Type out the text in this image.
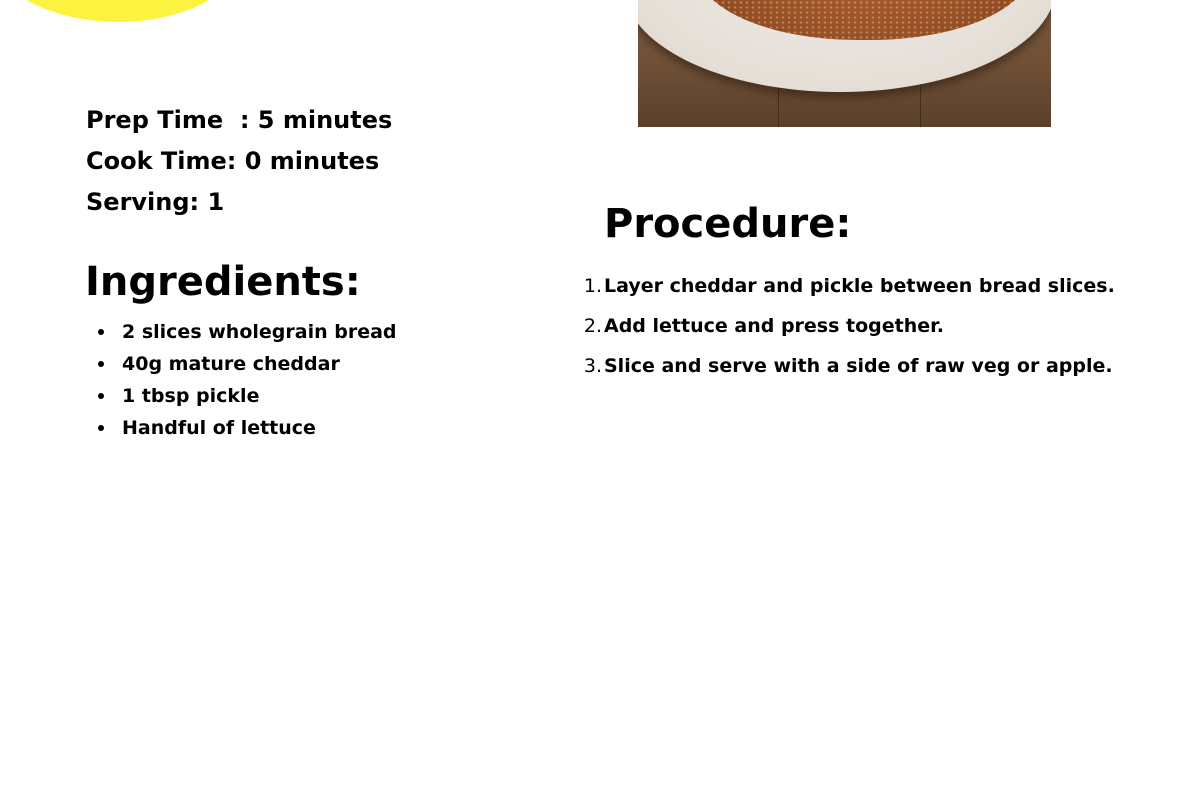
Prep Time  : 5 minutes
Cook Time: 0 minutes
Serving: 1
Ingredients:
2 slices wholegrain bread
40g mature cheddar
1 tbsp pickle
Handful of lettuce
Procedure:
1. Layer cheddar and pickle between bread slices.
2. Add lettuce and press together.
3. Slice and serve with a side of raw veg or apple.
